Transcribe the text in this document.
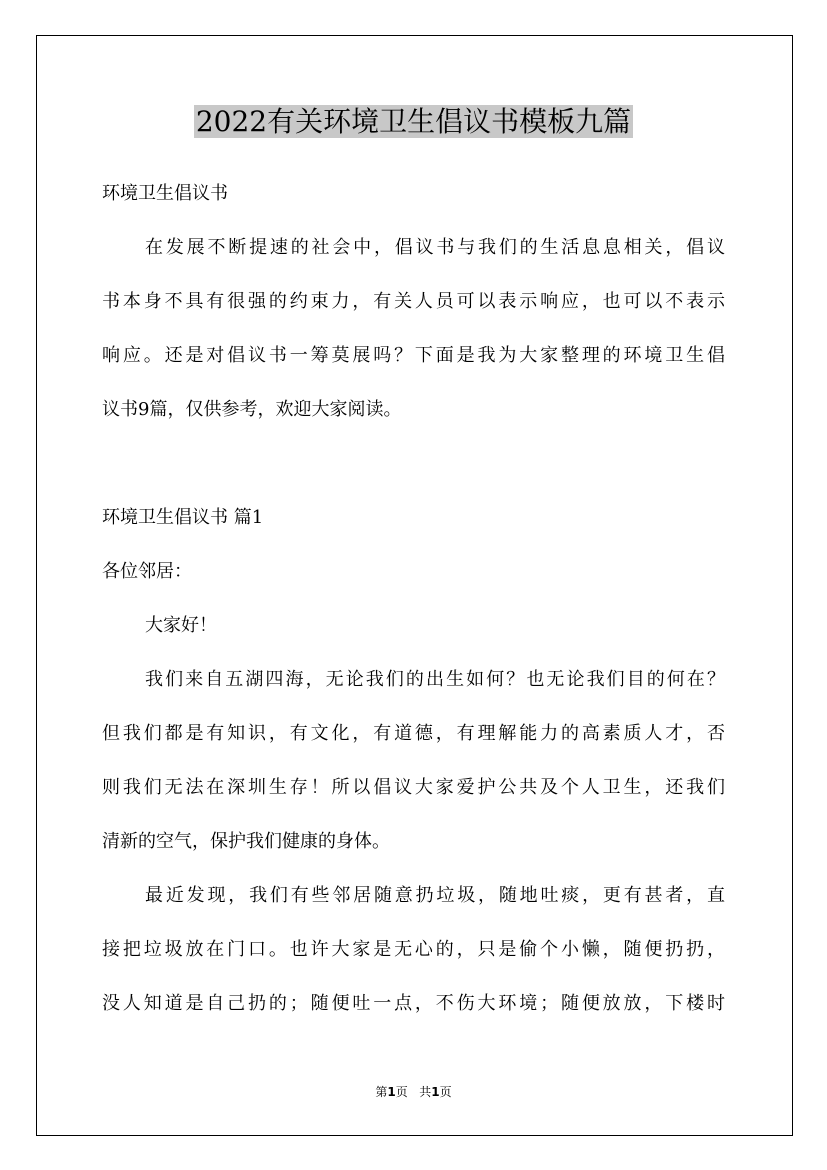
2022有关环境卫生倡议书模板九篇
环境卫生倡议书
在发展不断提速的社会中，倡议书与我们的生活息息相关，倡议
书本身不具有很强的约束力，有关人员可以表示响应，也可以不表示
响应。还是对倡议书一筹莫展吗？下面是我为大家整理的环境卫生倡
议书9篇，仅供参考，欢迎大家阅读。
环境卫生倡议书 篇1
各位邻居：
大家好！
我们来自五湖四海，无论我们的出生如何？也无论我们目的何在？
但我们都是有知识，有文化，有道德，有理解能力的高素质人才，否
则我们无法在深圳生存！所以倡议大家爱护公共及个人卫生，还我们
清新的空气，保护我们健康的身体。
最近发现，我们有些邻居随意扔垃圾，随地吐痰，更有甚者，直
接把垃圾放在门口。也许大家是无心的，只是偷个小懒，随便扔扔，
没人知道是自己扔的；随便吐一点，不伤大环境；随便放放，下楼时
第1页 共1页
